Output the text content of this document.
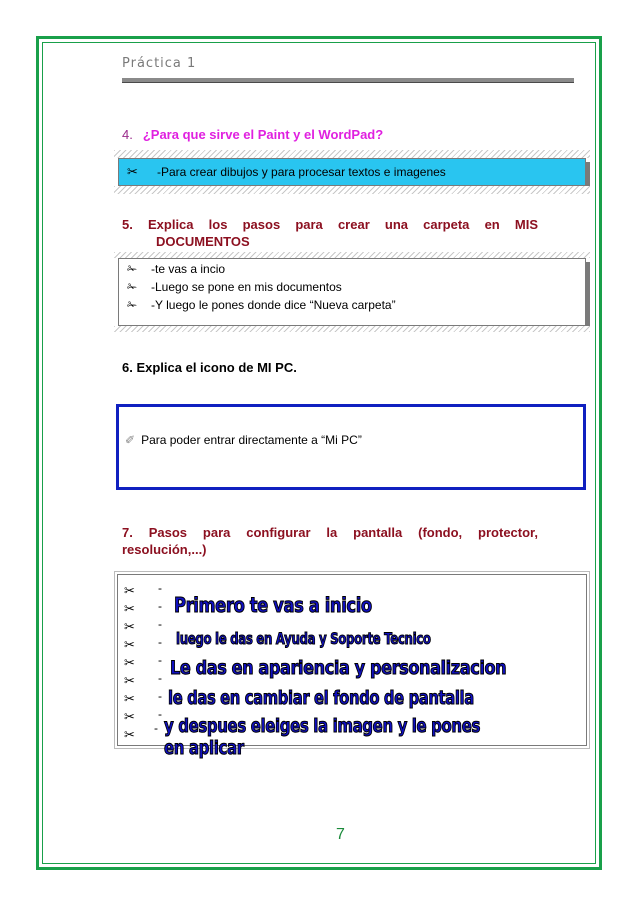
Práctica 1
4. ¿Para que sirve el Paint y el WordPad?
✂ -Para crear dibujos y para procesar textos e imagenes
5. Explica los pasos para crear una carpeta en MIS
DOCUMENTOS
✁ -te vas a incio
✁ -Luego se pone en mis documentos
✁ -Y luego le pones donde dice “Nueva carpeta”
6. Explica el icono de MI PC.
✐ Para poder entrar directamente a “Mi PC”
7. Pasos para configurar la pantalla (fondo, protector,
resolución,...)
✂
✂
✂
✂
✂
✂
✂
✂
✂
-
-
-
-
-
-
-
-
-
Primero te vas a inicio
luego le das en Ayuda y Soporte Tecnico
Le das en apariencia y personalizacion
le das en cambiar el fondo de pantalla
y despues eleiges la imagen y le pones en aplicar
7
